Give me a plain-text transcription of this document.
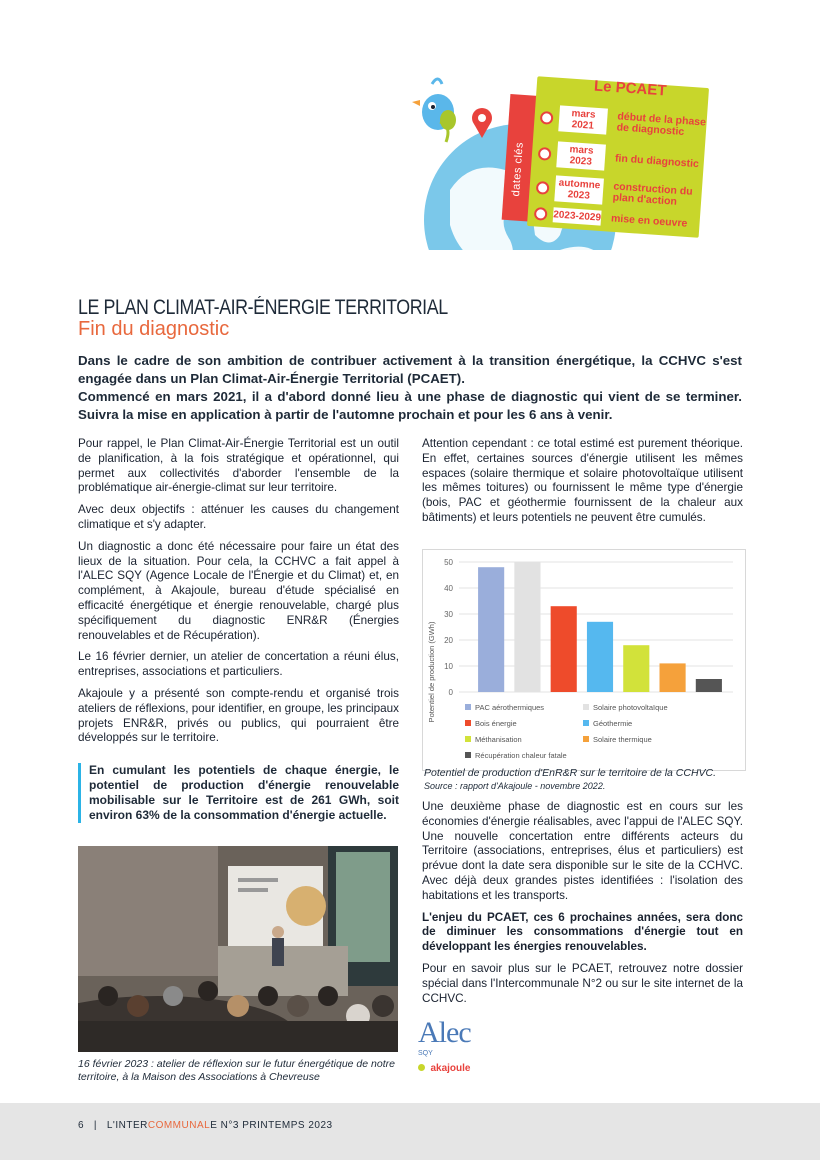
dates clés
Le PCAET
mars 2021	début de la phase de diagnostic
mars 2023	fin du diagnostic
automne 2023	construction du plan d'action
2023-2029 mise en oeuvre
LE PLAN CLIMAT-AIR-ÉNERGIE TERRITORIAL
Fin du diagnostic

Dans le cadre de son ambition de contribuer activement à la transition énergétique, la CCHVC s'est engagée dans un Plan Climat-Air-Énergie Territorial (PCAET).

Commencé en mars 2021, il a d'abord donné lieu à une phase de diagnostic qui vient de se terminer. Suivra la mise en application à partir de l'automne prochain et pour les 6 ans à venir.

Pour rappel, le Plan Climat-Air-Énergie Territorial est un outil de planification, à la fois stratégique et opérationnel, qui permet aux collectivités d'aborder l'ensemble de la problématique air-énergie-climat sur leur territoire.

Avec deux objectifs : atténuer les causes du changement climatique et s'y adapter.

Un diagnostic a donc été nécessaire pour faire un état des lieux de la situation. Pour cela, la CCHVC a fait appel à l'ALEC SQY (Agence Locale de l'Énergie et du Climat) et, en complément, à Akajoule, bureau d'étude spécialisé en efficacité énergétique et énergie renouvelable, chargé plus spécifiquement du diagnostic ENR&R (Énergies renouvelables et de Récupération).

Le 16 février dernier, un atelier de concertation a réuni élus, entreprises, associations et particuliers.

Akajoule y a présenté son compte-rendu et organisé trois ateliers de réflexions, pour identifier, en groupe, les principaux projets ENR&R, privés ou publics, qui pourraient être développés sur le territoire.

En cumulant les potentiels de chaque énergie, le potentiel de production d'énergie renouvelable mobilisable sur le Territoire est de 261 GWh, soit environ 63% de la consommation d'énergie actuelle.

Attention cependant : ce total estimé est purement théorique. En effet, certaines sources d'énergie utilisent les mêmes espaces (solaire thermique et solaire photovoltaïque utilisent les mêmes toitures) ou fournissent le même type d'énergie (bois, PAC et géothermie fournissent de la chaleur aux bâtiments) et leurs potentiels ne peuvent être cumulés.

0
10
20
30
40
50
PAC aérothermiques	Solaire photovoltaïque
Bois énergie	Géothermie
Méthanisation	Solaire thermique
Récupération chaleur fatale
Potentiel de production (GWh)
Potentiel de production d'EnR&R sur le territoire de la CCHVC.
Source : rapport d'Akajoule - novembre 2022.

Une deuxième phase de diagnostic est en cours sur les économies d'énergie réalisables, avec l'appui de l'ALEC SQY. Une nouvelle concertation entre différents acteurs du Territoire (associations, entreprises, élus et particuliers) est prévue dont la date sera disponible sur le site de la CCHVC. Avec déjà deux grandes pistes identifiées : l'isolation des habitations et les transports.

L'enjeu du PCAET, ces 6 prochaines années, sera donc de diminuer les consommations d'énergie tout en développant les énergies renouvelables.

Pour en savoir plus sur le PCAET, retrouvez notre dossier spécial dans l'Intercommunale N°2 ou sur le site internet de la CCHVC.

16 février 2023 : atelier de réflexion sur le futur énergétique de notre territoire, à la Maison des Associations à Chevreuse
Alec $^{SQY}$
akajoule
6 | L'INTERCOMMUNALE N°3 PRINTEMPS 2023
